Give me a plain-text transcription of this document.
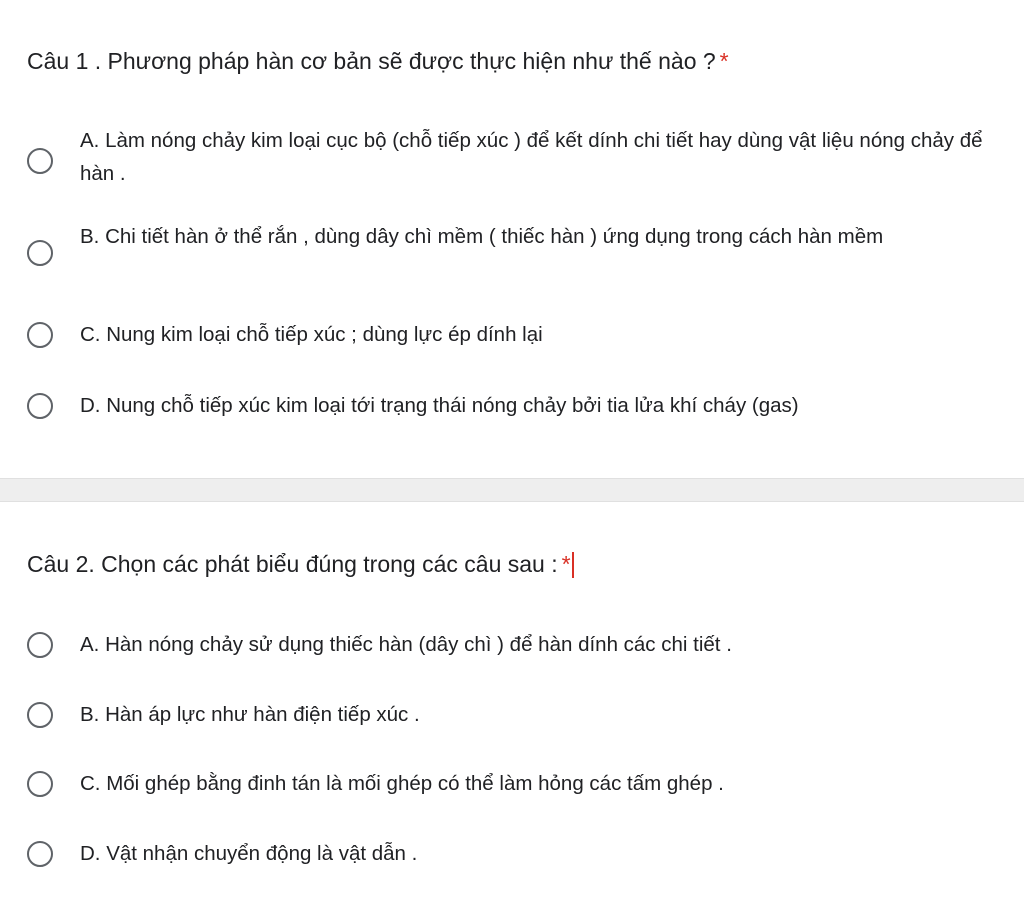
Câu 1 . Phương pháp hàn cơ bản sẽ được thực hiện như thế nào ? *
A. Làm nóng chảy kim loại cục bộ (chỗ tiếp xúc ) để kết dính chi tiết hay dùng vật liệu nóng chảy để hàn .
B. Chi tiết hàn ở thể rắn , dùng dây chì mềm ( thiếc hàn ) ứng dụng trong cách hàn mềm
C. Nung kim loại chỗ tiếp xúc ; dùng lực ép dính lại
D. Nung chỗ tiếp xúc kim loại tới trạng thái nóng chảy bởi tia lửa khí cháy (gas)
Câu 2. Chọn các phát biểu đúng trong các câu sau : *
A. Hàn nóng chảy sử dụng thiếc hàn (dây chì ) để hàn dính các chi tiết .
B. Hàn áp lực như hàn điện tiếp xúc .
C. Mối ghép bằng đinh tán là mối ghép có thể làm hỏng các tấm ghép .
D. Vật nhận chuyển động là vật dẫn .
